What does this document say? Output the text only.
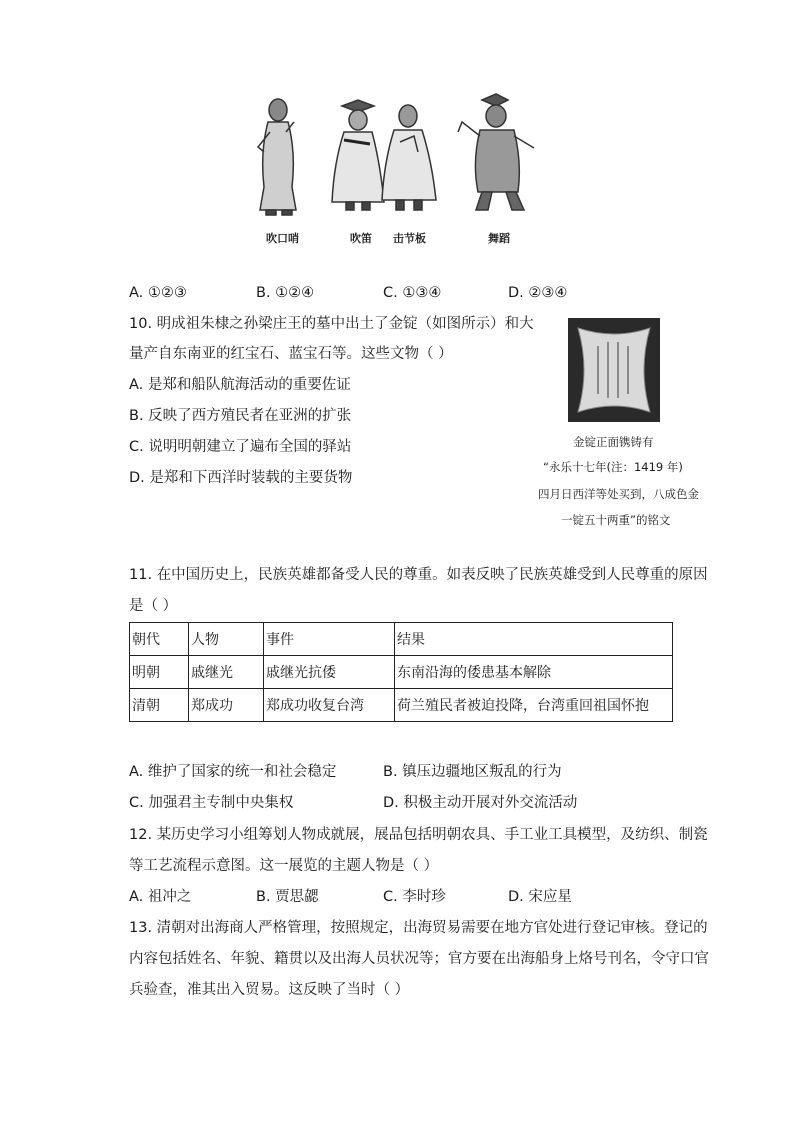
吹口哨	吹笛 击节板	舞蹈
A. ①②③	B. ①②④	C. ①③④	D. ②③④
10. 明成祖朱棣之孙梁庄王的墓中出土了金锭（如图所示）和大
量产自东南亚的红宝石、蓝宝石等。这些文物（ ）
A. 是郑和船队航海活动的重要佐证
B. 反映了西方殖民者在亚洲的扩张
C. 说明明朝建立了遍布全国的驿站
D. 是郑和下西洋时装载的主要货物
金锭正面镌铸有
“永乐十七年(注：1419 年)
四月日西洋等处买到，八成色金
一锭五十两重”的铭文
11. 在中国历史上，民族英雄都备受人民的尊重。如表反映了民族英雄受到人民尊重的原因
是（ ）
朝代	人物	事件	结果
明朝	戚继光	戚继光抗倭	东南沿海的倭患基本解除
清朝	郑成功	郑成功收复台湾	荷兰殖民者被迫投降，台湾重回祖国怀抱
A. 维护了国家的统一和社会稳定	B. 镇压边疆地区叛乱的行为
C. 加强君主专制中央集权	D. 积极主动开展对外交流活动
12. 某历史学习小组筹划人物成就展，展品包括明朝农具、手工业工具模型，及纺织、制瓷
等工艺流程示意图。这一展览的主题人物是（ ）
A. 祖冲之	B. 贾思勰	C. 李时珍	D. 宋应星
13. 清朝对出海商人严格管理，按照规定，出海贸易需要在地方官处进行登记审核。登记的
内容包括姓名、年貌、籍贯以及出海人员状况等；官方要在出海船身上烙号刊名，令守口官
兵验查，准其出入贸易。这反映了当时（ ）
